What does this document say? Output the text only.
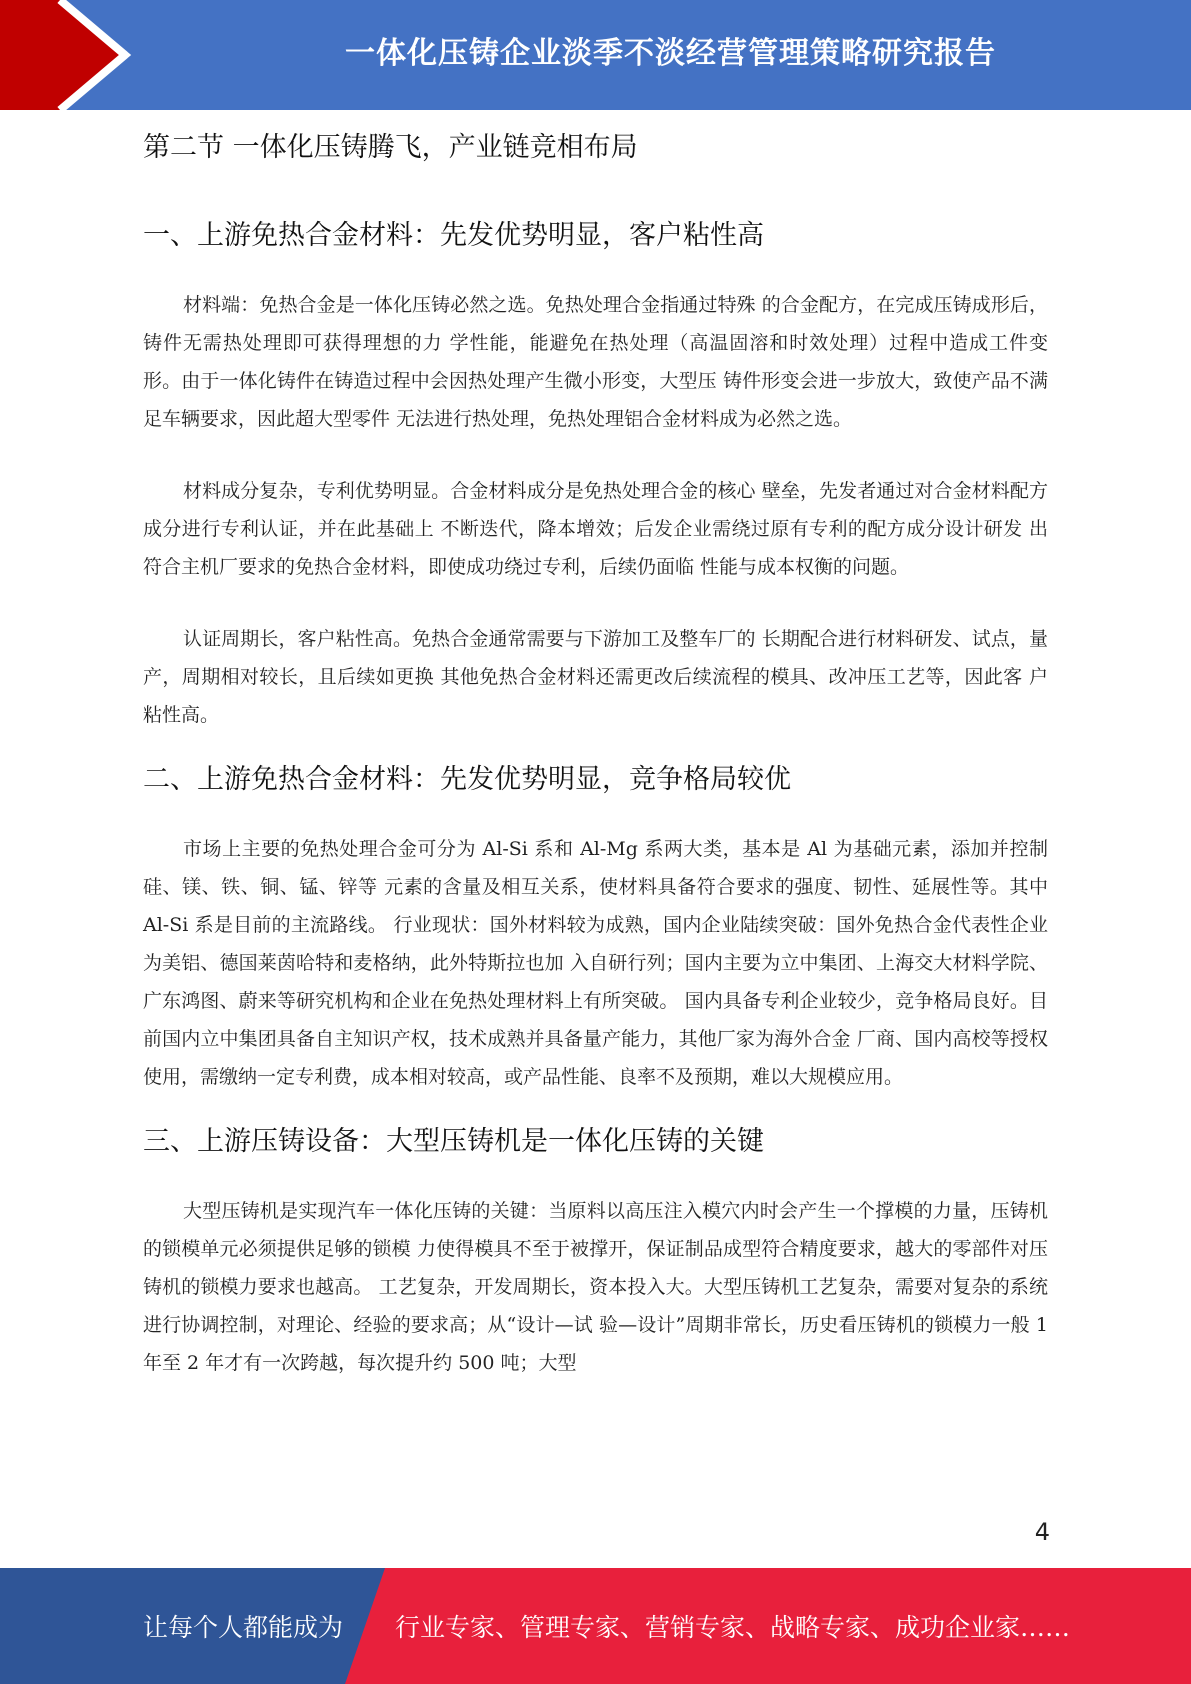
一体化压铸企业淡季不淡经营管理策略研究报告
第二节 一体化压铸腾飞，产业链竞相布局
一、上游免热合金材料：先发优势明显，客户粘性高

材料端：免热合金是一体化压铸必然之选。免热处理合金指通过特殊 的合金配方，在完成压铸成形后，铸件无需热处理即可获得理想的力 学性能，能避免在热处理（高温固溶和时效处理）过程中造成工件变 形。由于一体化铸件在铸造过程中会因热处理产生微小形变，大型压 铸件形变会进一步放大，致使产品不满足车辆要求，因此超大型零件 无法进行热处理，免热处理铝合金材料成为必然之选。

材料成分复杂，专利优势明显。合金材料成分是免热处理合金的核心 壁垒，先发者通过对合金材料配方成分进行专利认证，并在此基础上 不断迭代，降本增效；后发企业需绕过原有专利的配方成分设计研发 出符合主机厂要求的免热合金材料，即使成功绕过专利，后续仍面临 性能与成本权衡的问题。

认证周期长，客户粘性高。免热合金通常需要与下游加工及整车厂的 长期配合进行材料研发、试点，量产，周期相对较长，且后续如更换 其他免热合金材料还需更改后续流程的模具、改冲压工艺等，因此客 户粘性高。

二、上游免热合金材料：先发优势明显，竞争格局较优

市场上主要的免热处理合金可分为 Al-Si 系和 Al-Mg 系两大类，基本是 Al 为基础元素，添加并控制硅、镁、铁、铜、锰、锌等 元素的含量及相互关系，使材料具备符合要求的强度、韧性、延展性等。其中 Al-Si 系是目前的主流路线。 行业现状：国外材料较为成熟，国内企业陆续突破：国外免热合金代表性企业为美铝、德国莱茵哈特和麦格纳，此外特斯拉也加 入自研行列；国内主要为立中集团、上海交大材料学院、广东鸿图、蔚来等研究机构和企业在免热处理材料上有所突破。 国内具备专利企业较少，竞争格局良好。目前国内立中集团具备自主知识产权，技术成熟并具备量产能力，其他厂家为海外合金 厂商、国内高校等授权使用，需缴纳一定专利费，成本相对较高，或产品性能、良率不及预期，难以大规模应用。

三、上游压铸设备：大型压铸机是一体化压铸的关键

大型压铸机是实现汽车一体化压铸的关键：当原料以高压注入模穴内时会产生一个撑模的力量，压铸机的锁模单元必须提供足够的锁模 力使得模具不至于被撑开，保证制品成型符合精度要求，越大的零部件对压铸机的锁模力要求也越高。 工艺复杂，开发周期长，资本投入大。大型压铸机工艺复杂，需要对复杂的系统进行协调控制，对理论、经验的要求高；从“设计—试 验—设计”周期非常长，历史看压铸机的锁模力一般 1 年至 2 年才有一次跨越，每次提升约 500 吨；大型

4
让每个人都能成为 行业专家、管理专家、营销专家、战略专家、成功企业家……
